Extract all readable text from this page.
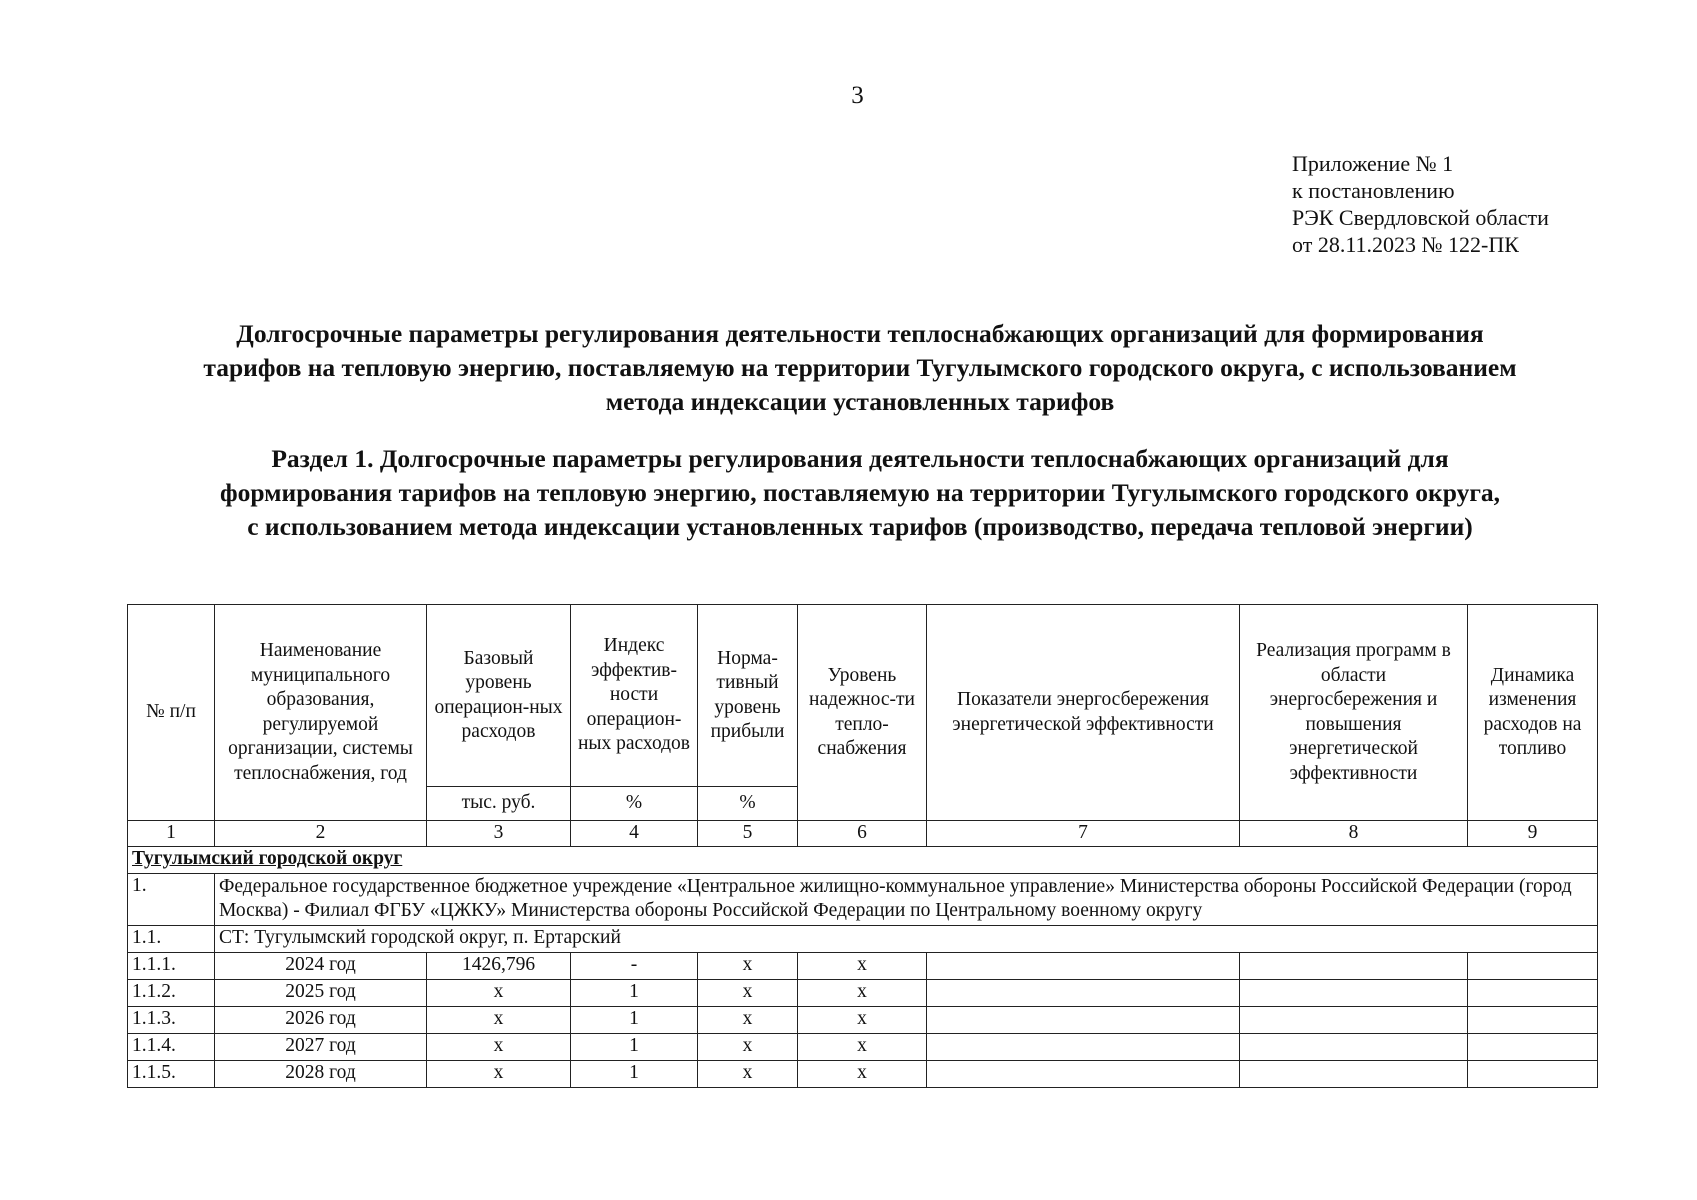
3
Приложение № 1
к постановлению
РЭК Свердловской области
от 28.11.2023 № 122-ПК
Долгосрочные параметры регулирования деятельности теплоснабжающих организаций для формирования
тарифов на тепловую энергию, поставляемую на территории Тугулымского городского округа, с использованием
метода индексации установленных тарифов
Раздел 1. Долгосрочные параметры регулирования деятельности теплоснабжающих организаций для
формирования тарифов на тепловую энергию, поставляемую на территории Тугулымского городского округа,
с использованием метода индексации установленных тарифов (производство, передача тепловой энергии)
№ п/п	Наименование муниципального образования, регулируемой организации, системы теплоснабжения, год	Базовый уровень операцион-ных расходов	Индекс эффектив-ности операцион-ных расходов	Норма-тивный уровень прибыли	Уровень надежнос-ти тепло-снабжения	Показатели энергосбережения энергетической эффективности	Реализация программ в области энергосбережения и повышения энергетической эффективности	Динамика изменения расходов на топливо
		тыс. руб.	%	%				
1	2	3	4	5	6	7	8	9
Тугулымский городской округ								
1.	Федеральное государственное бюджетное учреждение «Центральное жилищно-коммунальное управление» Министерства обороны Российской Федерации (город Москва) - Филиал ФГБУ «ЦЖКУ» Министерства обороны Российской Федерации по Центральному военному округу							
1.1.	СТ: Тугулымский городской округ, п. Ертарский							
1.1.1.	2024 год	1426,796	-	x	x			
1.1.2.	2025 год	x	1	x	x			
1.1.3.	2026 год	x	1	x	x			
1.1.4.	2027 год	x	1	x	x			
1.1.5.	2028 год	x	1	x	x			
